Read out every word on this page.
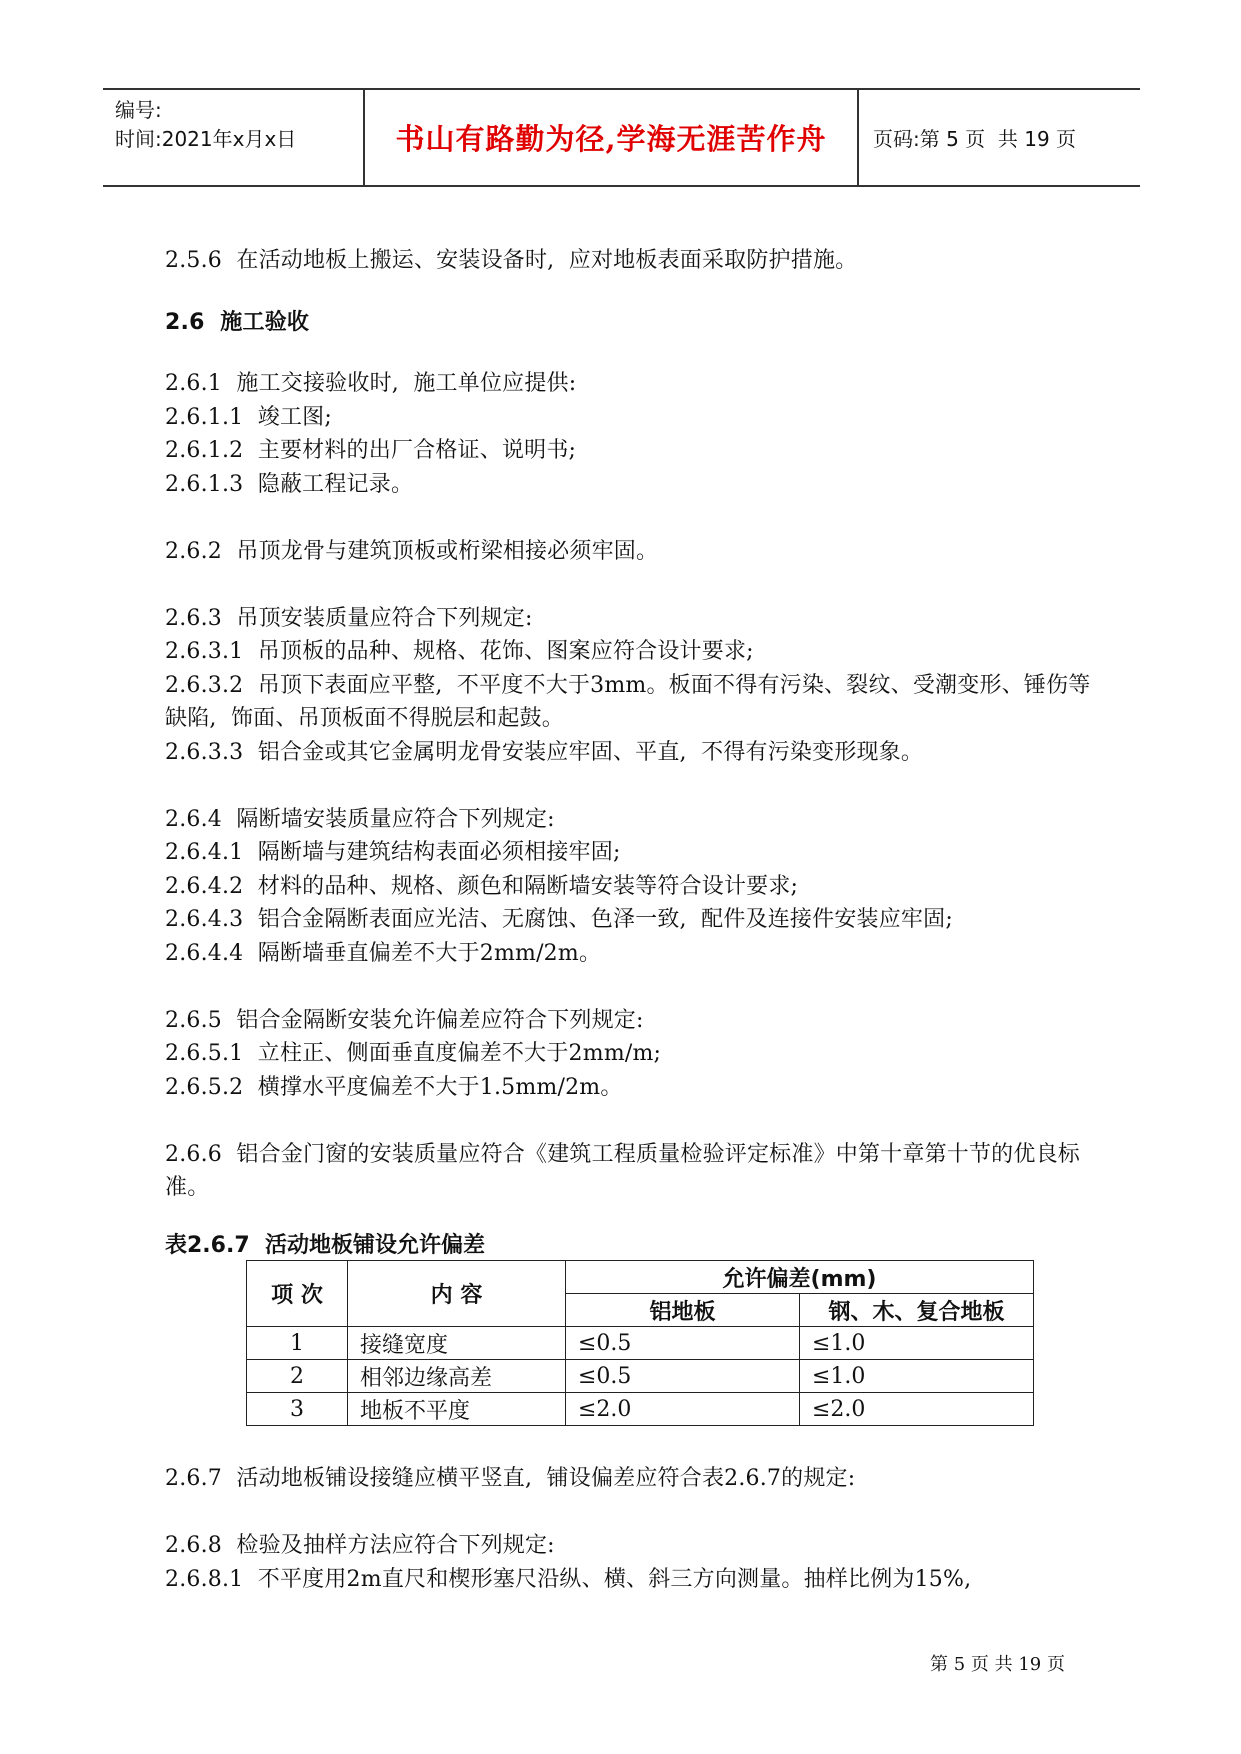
编号:
时间:2021年x月x日	书山有路勤为径,学海无涯苦作舟	页码:第 5 页  共 19 页

2.5.6  在活动地板上搬运、安装设备时,  应对地板表面采取防护措施。

2.6  施工验收

2.6.1  施工交接验收时,  施工单位应提供:

2.6.1.1  竣工图;

2.6.1.2  主要材料的出厂合格证、说明书;

2.6.1.3  隐蔽工程记录。

2.6.2  吊顶龙骨与建筑顶板或桁梁相接必须牢固。

2.6.3  吊顶安装质量应符合下列规定:

2.6.3.1  吊顶板的品种、规格、花饰、图案应符合设计要求;

2.6.3.2  吊顶下表面应平整,  不平度不大于3mm。板面不得有污染、裂纹、受潮变形、锤伤等缺陷,  饰面、吊顶板面不得脱层和起鼓。

2.6.3.3  铝合金或其它金属明龙骨安装应牢固、平直,  不得有污染变形现象。

2.6.4  隔断墙安装质量应符合下列规定:

2.6.4.1  隔断墙与建筑结构表面必须相接牢固;

2.6.4.2  材料的品种、规格、颜色和隔断墙安装等符合设计要求;

2.6.4.3  铝合金隔断表面应光洁、无腐蚀、色泽一致,  配件及连接件安装应牢固;

2.6.4.4  隔断墙垂直偏差不大于2mm/2m。

2.6.5  铝合金隔断安装允许偏差应符合下列规定:

2.6.5.1  立柱正、侧面垂直度偏差不大于2mm/m;

2.6.5.2  横撑水平度偏差不大于1.5mm/2m。

2.6.6  铝合金门窗的安装质量应符合《建筑工程质量检验评定标准》中第十章第十节的优良标准。

表2.6.7  活动地板铺设允许偏差
项 次	内 容	允许偏差(mm)	
		铝地板	钢、木、复合地板
1	接缝宽度	≤0.5	≤1.0
2	相邻边缘高差	≤0.5	≤1.0
3	地板不平度	≤2.0	≤2.0

2.6.7  活动地板铺设接缝应横平竖直,  铺设偏差应符合表2.6.7的规定:

2.6.8  检验及抽样方法应符合下列规定:

2.6.8.1  不平度用2m直尺和楔形塞尺沿纵、横、斜三方向测量。抽样比例为15%,

第 5 页 共 19 页
